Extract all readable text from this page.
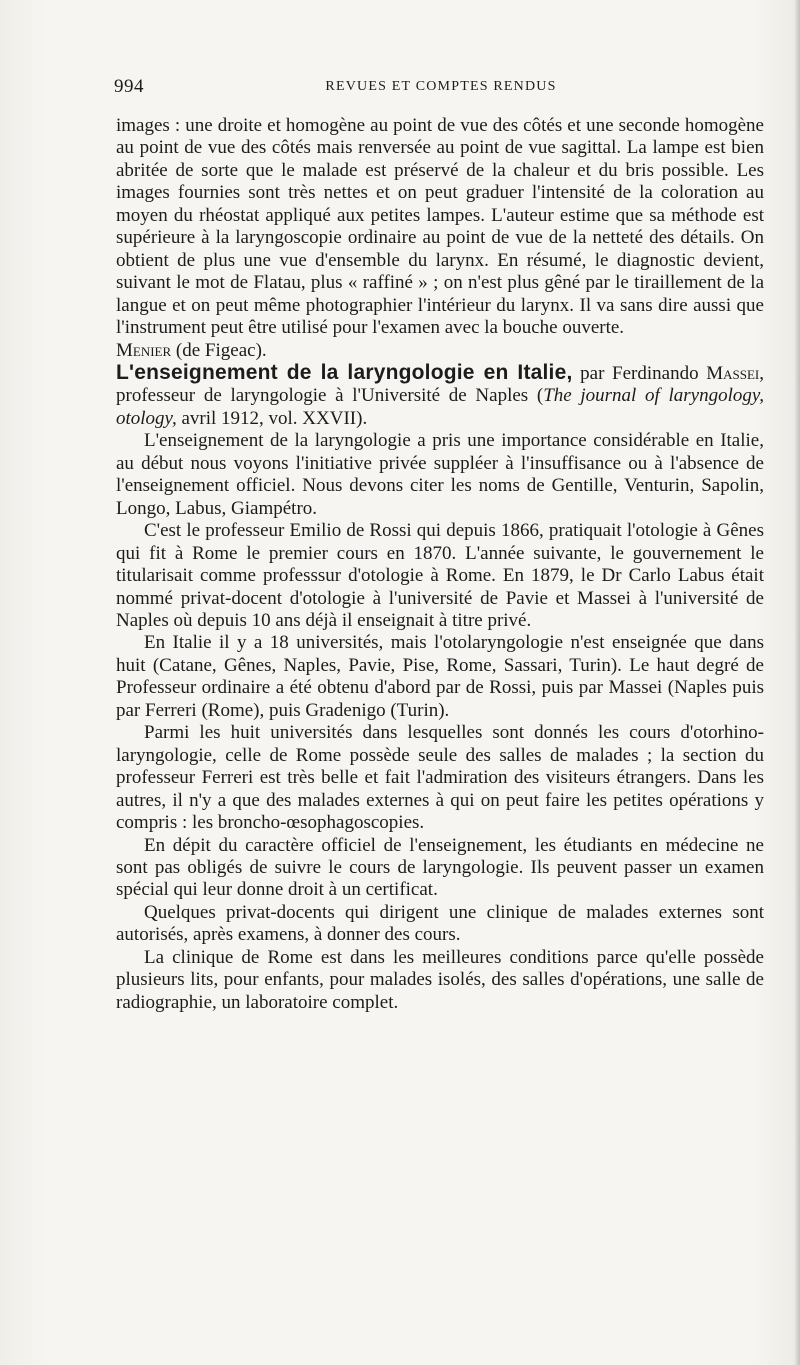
994	REVUES ET COMPTES RENDUS

images : une droite et homogène au point de vue des côtés et une seconde homogène au point de vue des côtés mais renversée au point de vue sagittal. La lampe est bien abritée de sorte que le malade est préservé de la chaleur et du bris possible. Les images fournies sont très nettes et on peut graduer l'intensité de la coloration au moyen du rhéostat appliqué aux petites lampes. L'auteur estime que sa méthode est supérieure à la laryngoscopie ordinaire au point de vue de la netteté des détails. On obtient de plus une vue d'ensemble du larynx. En résumé, le diagnostic devient, suivant le mot de Flatau, plus « raffiné » ; on n'est plus gêné par le tiraillement de la langue et on peut même photographier l'intérieur du larynx. Il va sans dire aussi que l'instrument peut être utilisé pour l'examen avec la bouche ouverte.

Menier (de Figeac).

L'enseignement de la laryngologie en Italie, par Ferdinando Massei, professeur de laryngologie à l'Université de Naples (The journal of laryngology, otology, avril 1912, vol. XXVII).

L'enseignement de la laryngologie a pris une importance considérable en Italie, au début nous voyons l'initiative privée suppléer à l'insuffisance ou à l'absence de l'enseignement officiel. Nous devons citer les noms de Gentille, Venturin, Sapolin, Longo, Labus, Giampétro.

C'est le professeur Emilio de Rossi qui depuis 1866, pratiquait l'otologie à Gênes qui fit à Rome le premier cours en 1870. L'année suivante, le gouvernement le titularisait comme professsur d'otologie à Rome. En 1879, le Dr Carlo Labus était nommé privat-docent d'otologie à l'université de Pavie et Massei à l'université de Naples où depuis 10 ans déjà il enseignait à titre privé.

En Italie il y a 18 universités, mais l'otolaryngologie n'est enseignée que dans huit (Catane, Gênes, Naples, Pavie, Pise, Rome, Sassari, Turin). Le haut degré de Professeur ordinaire a été obtenu d'abord par de Rossi, puis par Massei (Naples puis par Ferreri (Rome), puis Gradenigo (Turin).

Parmi les huit universités dans lesquelles sont donnés les cours d'otorhino-laryngologie, celle de Rome possède seule des salles de malades ; la section du professeur Ferreri est très belle et fait l'admiration des visiteurs étrangers. Dans les autres, il n'y a que des malades externes à qui on peut faire les petites opérations y compris : les broncho-œsophagoscopies.

En dépit du caractère officiel de l'enseignement, les étudiants en médecine ne sont pas obligés de suivre le cours de laryngologie. Ils peuvent passer un examen spécial qui leur donne droit à un certificat.

Quelques privat-docents qui dirigent une clinique de malades externes sont autorisés, après examens, à donner des cours.

La clinique de Rome est dans les meilleures conditions parce qu'elle possède plusieurs lits, pour enfants, pour malades isolés, des salles d'opérations, une salle de radiographie, un laboratoire complet.
